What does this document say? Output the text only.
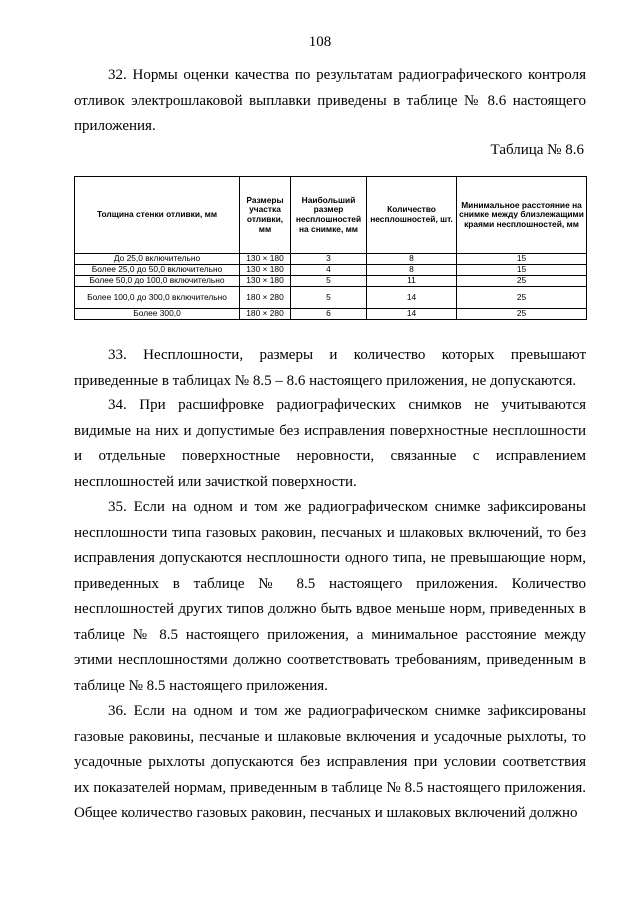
108

32. Нормы оценки качества по результатам радиографического контроля отливок электрошлаковой выплавки приведены в таблице № 8.6 настоящего приложения.

Таблица № 8.6
Толщина стенки отливки, мм	Размеры участка отливки, мм	Наибольший размер несплошностей на снимке, мм	Количество несплошностей, шт.	Минимальное расстояние на снимке между близлежащими краями несплошностей, мм
До 25,0 включительно	130 × 180	3	8	15
Более 25,0 до 50,0 включительно	130 × 180	4	8	15
Более 50,0 до 100,0 включительно	130 × 180	5	11	25
Более 100,0 до 300,0 включительно	180 × 280	5	14	25
Более 300,0	180 × 280	6	14	25

33. Несплошности, размеры и количество которых превышают приведенные в таблицах № 8.5 – 8.6 настоящего приложения, не допускаются.

34. При расшифровке радиографических снимков не учитываются видимые на них и допустимые без исправления поверхностные несплошности и отдельные поверхностные неровности, связанные с исправлением несплошностей или зачисткой поверхности.

35. Если на одном и том же радиографическом снимке зафиксированы несплошности типа газовых раковин, песчаных и шлаковых включений, то без исправления допускаются несплошности одного типа, не превышающие норм, приведенных в таблице № 8.5 настоящего приложения. Количество несплошностей других типов должно быть вдвое меньше норм, приведенных в таблице № 8.5 настоящего приложения, а минимальное расстояние между этими несплошностями должно соответствовать требованиям, приведенным в таблице № 8.5 настоящего приложения.

36. Если на одном и том же радиографическом снимке зафиксированы газовые раковины, песчаные и шлаковые включения и усадочные рыхлоты, то усадочные рыхлоты допускаются без исправления при условии соответствия их показателей нормам, приведенным в таблице № 8.5 настоящего приложения. Общее количество газовых раковин, песчаных и шлаковых включений должно
